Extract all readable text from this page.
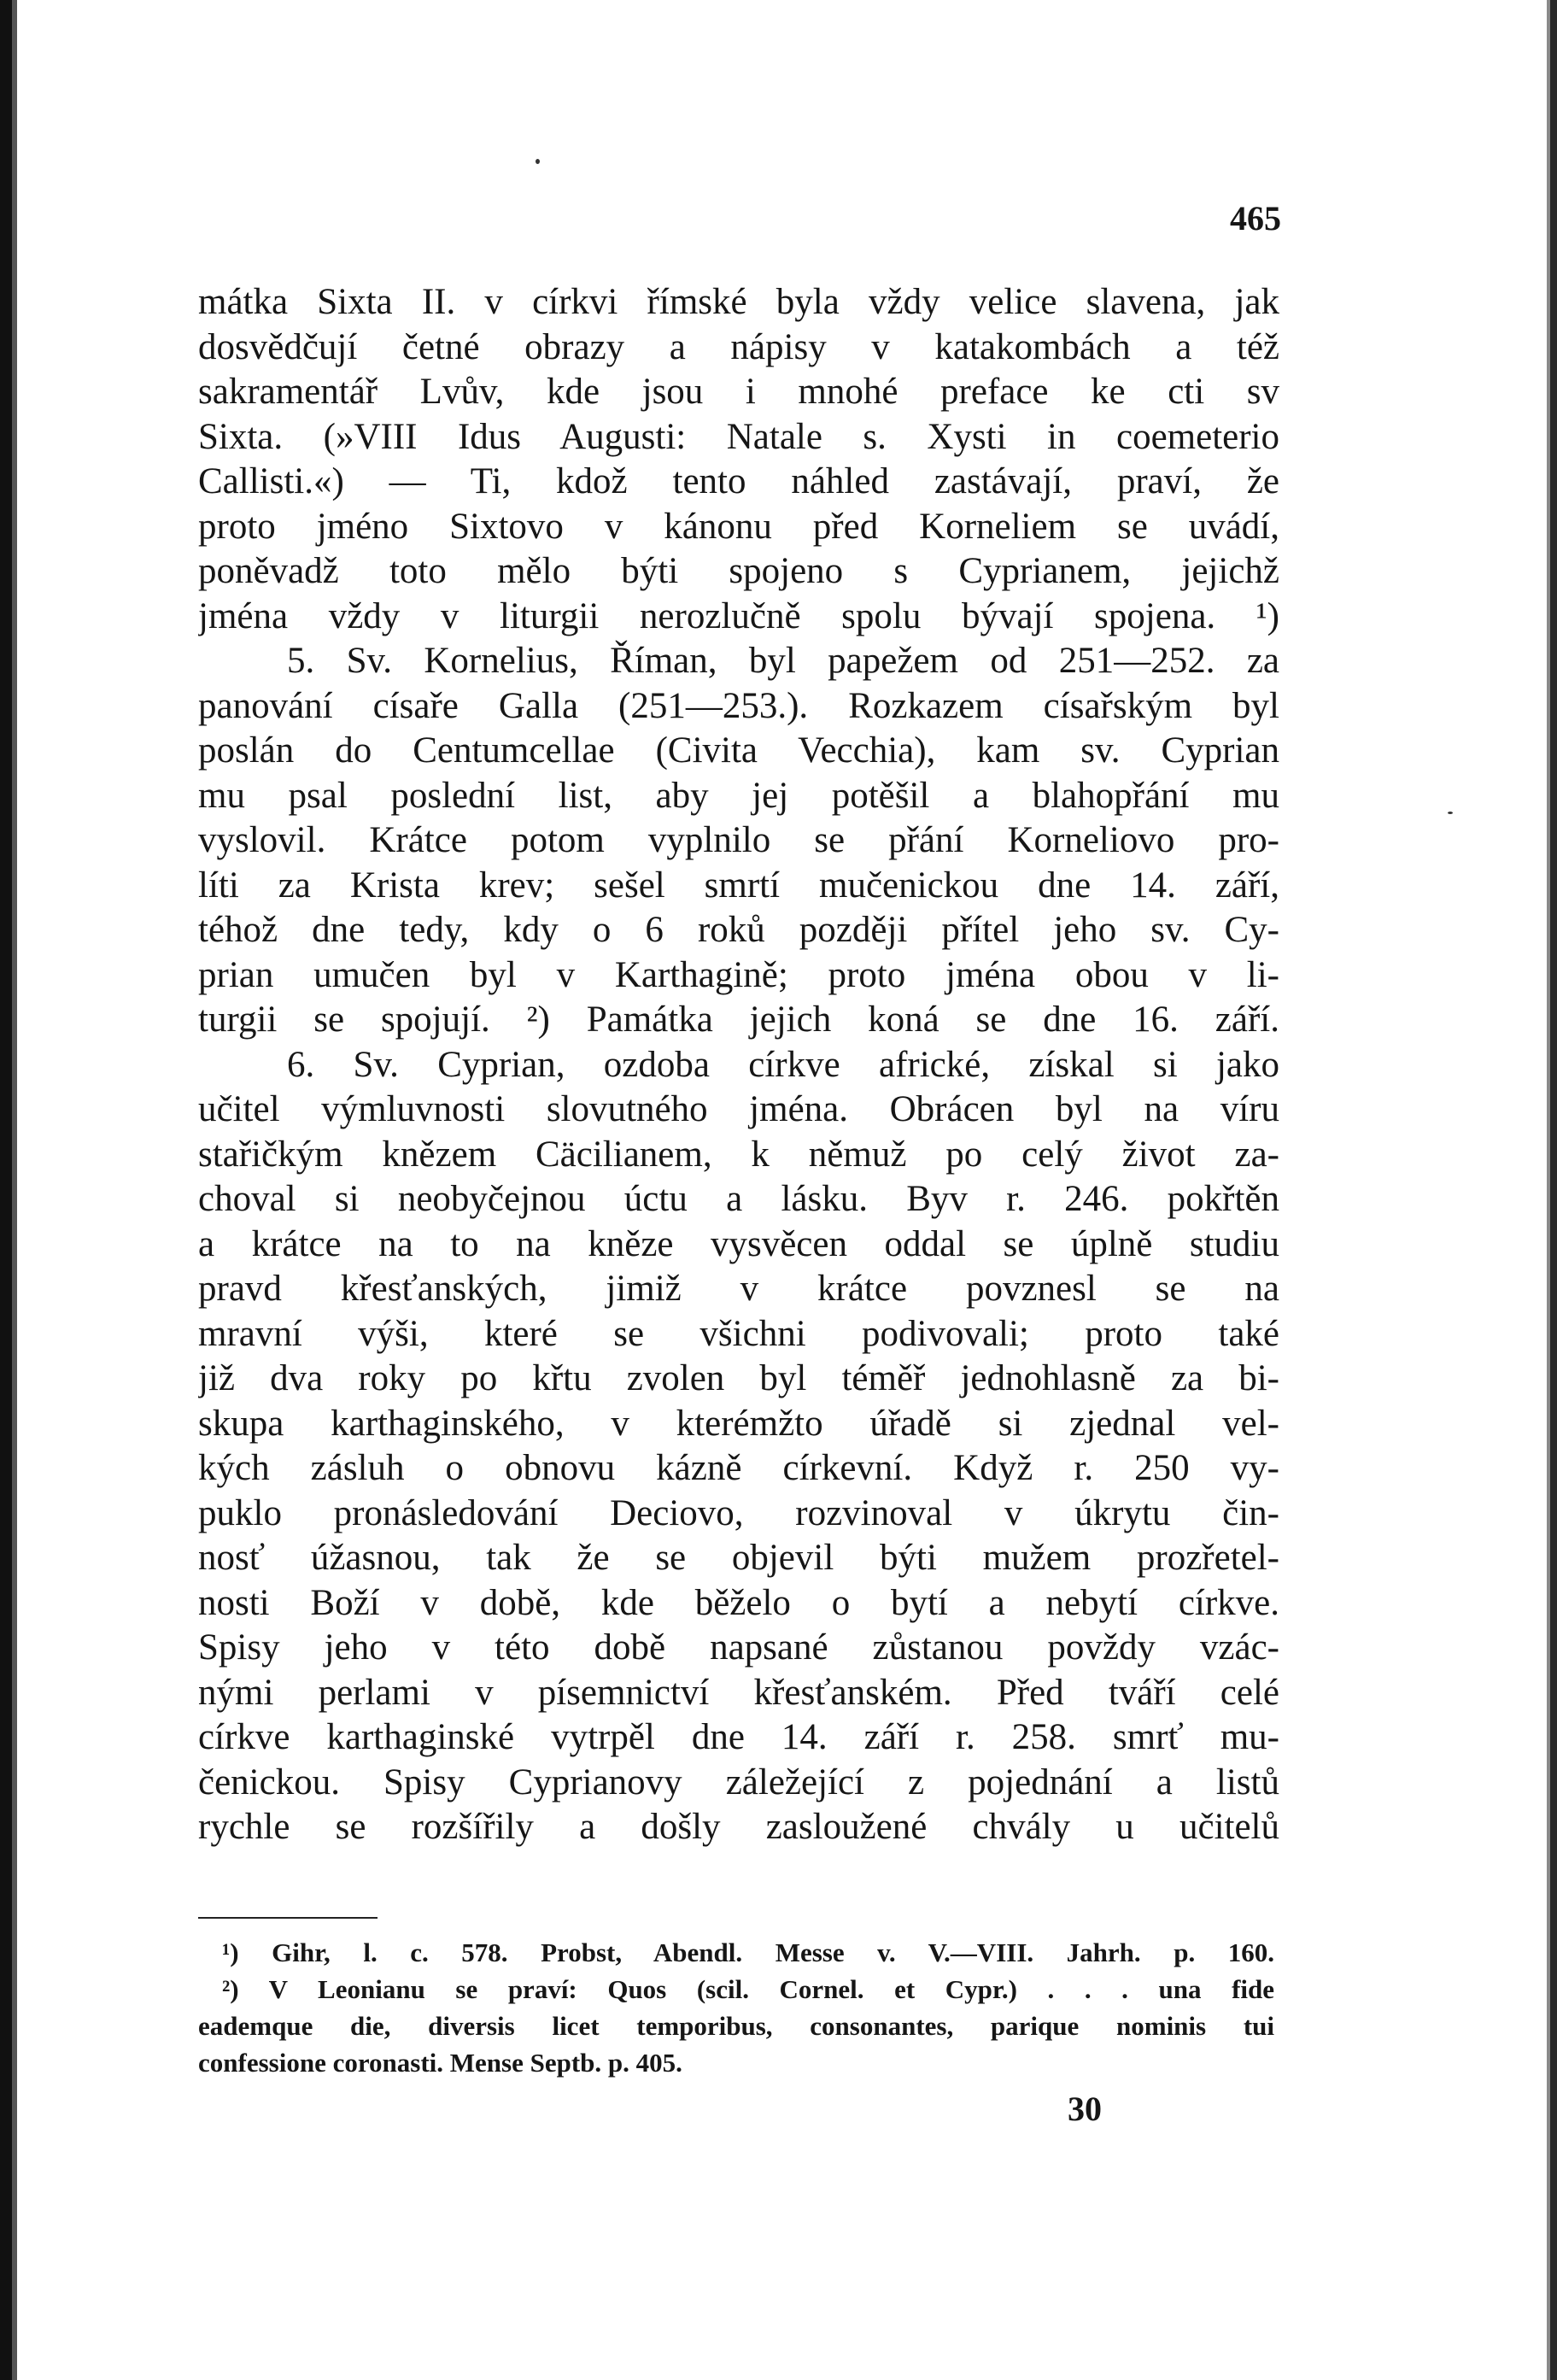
465
mátka Sixta II. v církvi římské byla vždy velice slavena, jak
dosvědčují četné obrazy a nápisy v katakombách a též
sakramentář Lvův, kde jsou i mnohé preface ke cti sv
Sixta. (»VIII Idus Augusti: Natale s. Xysti in coemeterio
Callisti.«) — Ti, kdož tento náhled zastávají, praví, že
proto jméno Sixtovo v kánonu před Korneliem se uvádí,
poněvadž toto mělo býti spojeno s Cyprianem, jejichž
jména vždy v liturgii nerozlučně spolu bývají spojena. ¹)
5. Sv. Kornelius, Říman, byl papežem od 251—252. za
panování císaře Galla (251—253.). Rozkazem císařským byl
poslán do Centumcellae (Civita Vecchia), kam sv. Cyprian
mu psal poslední list, aby jej potěšil a blahopřání mu
vyslovil. Krátce potom vyplnilo se přání Korneliovo pro-
líti za Krista krev; sešel smrtí mučenickou dne 14. září,
téhož dne tedy, kdy o 6 roků později přítel jeho sv. Cy-
prian umučen byl v Karthagině; proto jména obou v li-
turgii se spojují. ²) Památka jejich koná se dne 16. září.
6. Sv. Cyprian, ozdoba církve africké, získal si jako
učitel výmluvnosti slovutného jména. Obrácen byl na víru
stařičkým knězem Cäcilianem, k němuž po celý život za-
choval si neobyčejnou úctu a lásku. Byv r. 246. pokřtěn
a krátce na to na kněze vysvěcen oddal se úplně studiu
pravd křesťanských, jimiž v krátce povznesl se na
mravní výši, které se všichni podivovali; proto také
již dva roky po křtu zvolen byl téměř jednohlasně za bi-
skupa karthaginského, v kterémžto úřadě si zjednal vel-
kých zásluh o obnovu kázně církevní. Když r. 250 vy-
puklo pronásledování Deciovo, rozvinoval v úkrytu čin-
nosť úžasnou, tak že se objevil býti mužem prozřetel-
nosti Boží v době, kde běželo o bytí a nebytí církve.
Spisy jeho v této době napsané zůstanou povždy vzác-
nými perlami v písemnictví křesťanském. Před tváří celé
církve karthaginské vytrpěl dne 14. září r. 258. smrť mu-
čenickou. Spisy Cyprianovy záležející z pojednání a listů
rychle se rozšířily a došly zasloužené chvály u učitelů
¹) Gihr, l. c. 578. Probst, Abendl. Messe v. V.—VIII. Jahrh. p. 160.
²) V Leonianu se praví: Quos (scil. Cornel. et Cypr.) . . . una fide
eademque die, diversis licet temporibus, consonantes, parique nominis tui
confessione coronasti. Mense Septb. p. 405.
30
